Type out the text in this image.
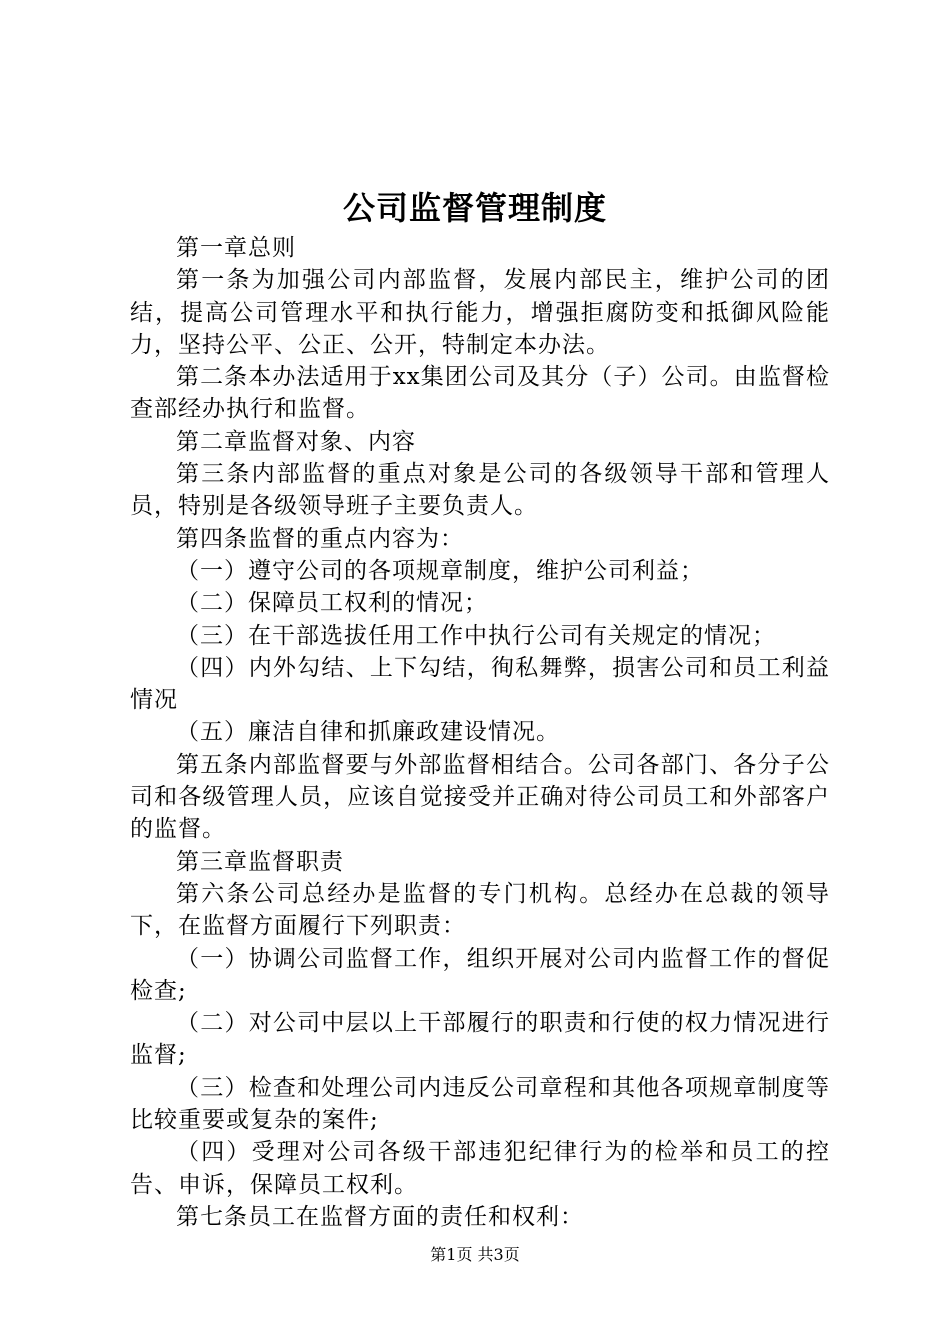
公司监督管理制度

第一章总则

第一条为加强公司内部监督，发展内部民主，维护公司的团结，提高公司管理水平和执行能力，增强拒腐防变和抵御风险能力，坚持公平、公正、公开，特制定本办法。

第二条本办法适用于xx集团公司及其分（子）公司。由监督检查部经办执行和监督。

第二章监督对象、内容

第三条内部监督的重点对象是公司的各级领导干部和管理人员，特别是各级领导班子主要负责人。

第四条监督的重点内容为：

（一）遵守公司的各项规章制度，维护公司利益；

（二）保障员工权利的情况；

（三）在干部选拔任用工作中执行公司有关规定的情况；

（四）内外勾结、上下勾结，徇私舞弊，损害公司和员工利益情况

（五）廉洁自律和抓廉政建设情况。

第五条内部监督要与外部监督相结合。公司各部门、各分子公司和各级管理人员，应该自觉接受并正确对待公司员工和外部客户的监督。

第三章监督职责

第六条公司总经办是监督的专门机构。总经办在总裁的领导下，在监督方面履行下列职责：

（一）协调公司监督工作，组织开展对公司内监督工作的督促检查;

（二）对公司中层以上干部履行的职责和行使的权力情况进行监督;

（三）检查和处理公司内违反公司章程和其他各项规章制度等比较重要或复杂的案件;

（四）受理对公司各级干部违犯纪律行为的检举和员工的控告、申诉，保障员工权利。

第七条员工在监督方面的责任和权利：

第1页 共3页
